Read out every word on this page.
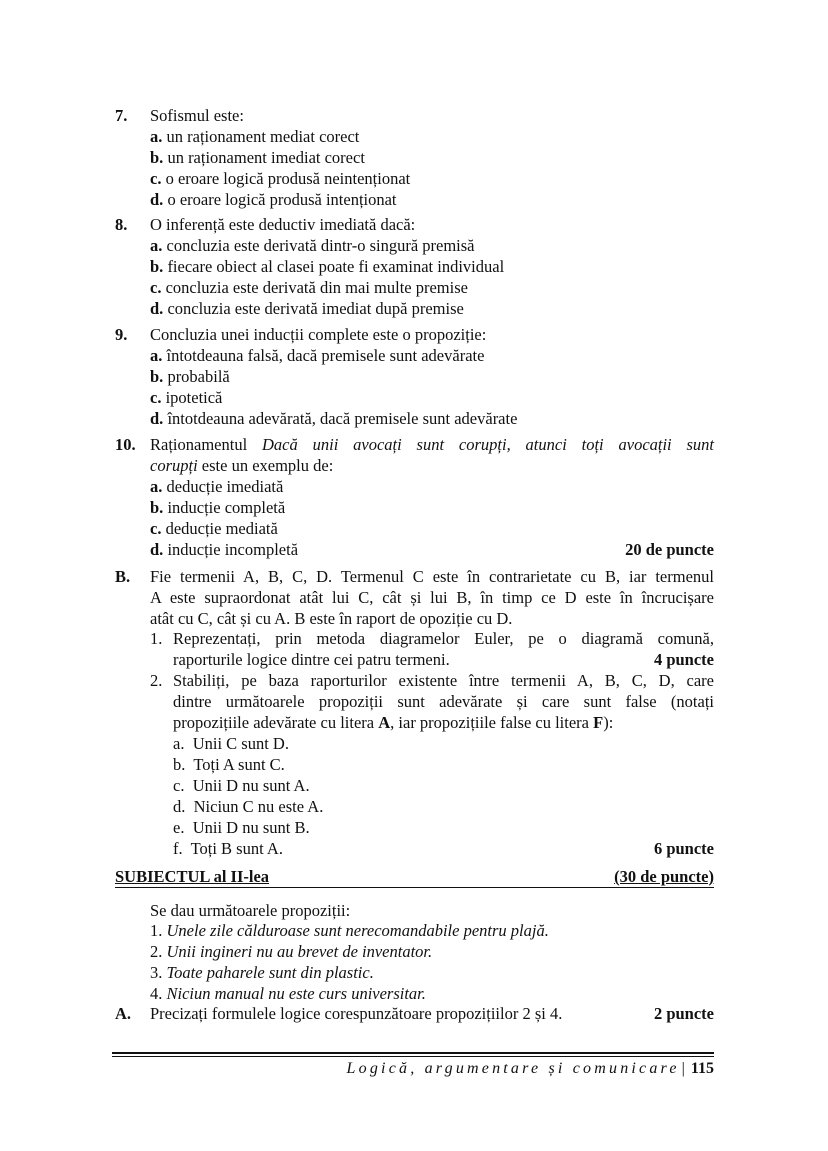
7. Sofismul este:
a. un raționament mediat corect
b. un raționament imediat corect
c. o eroare logică produsă neintenționat
d. o eroare logică produsă intenționat
8. O inferență este deductiv imediată dacă:
a. concluzia este derivată dintr-o singură premisă
b. fiecare obiect al clasei poate fi examinat individual
c. concluzia este derivată din mai multe premise
d. concluzia este derivată imediat după premise
9. Concluzia unei inducții complete este o propoziție:
a. întotdeauna falsă, dacă premisele sunt adevărate
b. probabilă
c. ipotetică
d. întotdeauna adevărată, dacă premisele sunt adevărate
10. Raționamentul Dacă unii avocați sunt corupți, atunci toți avocații sunt
corupți este un exemplu de:
a. deducție imediată
b. inducție completă
c. deducție mediată
d. inducție incompletă	20 de puncte
B. Fie termenii A, B, C, D. Termenul C este în contrarietate cu B, iar termenul
A este supraordonat atât lui C, cât și lui B, în timp ce D este în încrucișare
atât cu C, cât și cu A. B este în raport de opoziție cu D.
1. Reprezentați, prin metoda diagramelor Euler, pe o diagramă comună,
raporturile logice dintre cei patru termeni.	4 puncte
2. Stabiliți, pe baza raporturilor existente între termenii A, B, C, D, care
dintre următoarele propoziții sunt adevărate și care sunt false (notați
propozițiile adevărate cu litera A, iar propozițiile false cu litera F):
a. Unii C sunt D.
b. Toți A sunt C.
c. Unii D nu sunt A.
d. Niciun C nu este A.
e. Unii D nu sunt B.
f. Toți B sunt A.	6 puncte
SUBIECTUL al II-lea	(30 de puncte)
Se dau următoarele propoziții:
1. Unele zile călduroase sunt nerecomandabile pentru plajă.
2. Unii ingineri nu au brevet de inventator.
3. Toate paharele sunt din plastic.
4. Niciun manual nu este curs universitar.
A. Precizați formulele logice corespunzătoare propozițiilor 2 și 4.	2 puncte
Logică, argumentare și comunicare | 115
